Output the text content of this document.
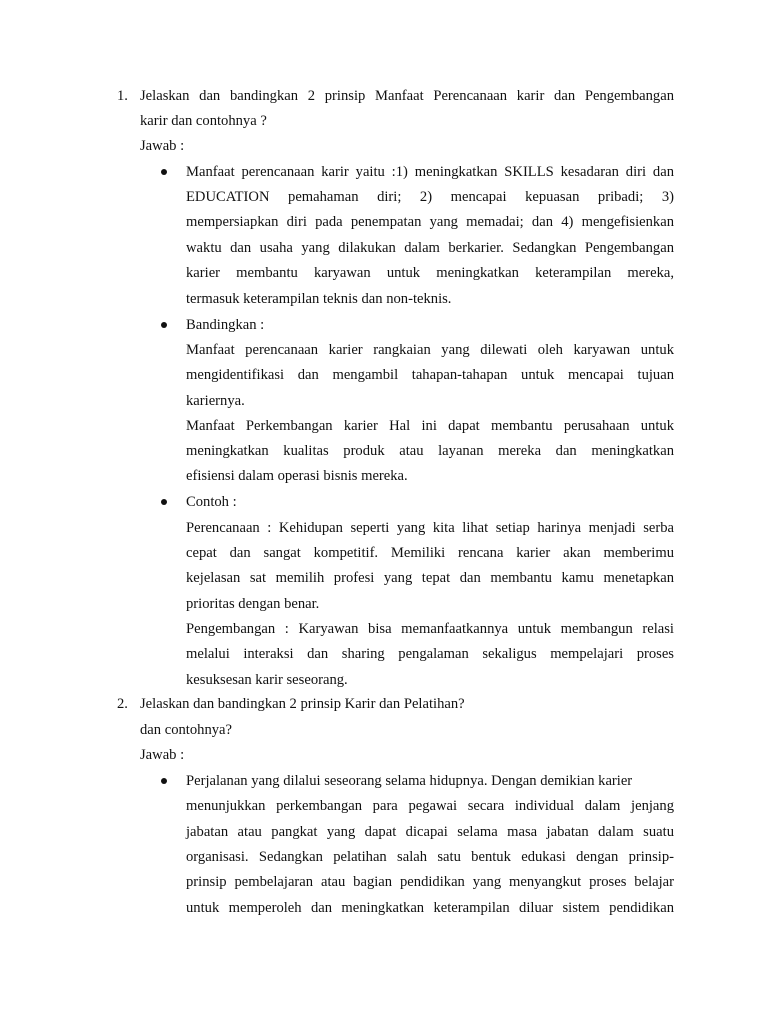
1. Jelaskan dan bandingkan 2 prinsip Manfaat Perencanaan karir dan Pengembangan
karir dan contohnya ?
Jawab :
Manfaat perencanaan karir yaitu :1) meningkatkan SKILLS kesadaran diri dan
EDUCATION pemahaman diri; 2) mencapai kepuasan pribadi; 3)
mempersiapkan diri pada penempatan yang memadai; dan 4) mengefisienkan
waktu dan usaha yang dilakukan dalam berkarier. Sedangkan Pengembangan
karier membantu karyawan untuk meningkatkan keterampilan mereka,
termasuk keterampilan teknis dan non-teknis.
Bandingkan :
Manfaat perencanaan karier rangkaian yang dilewati oleh karyawan untuk
mengidentifikasi dan mengambil tahapan-tahapan untuk mencapai tujuan
kariernya.
Manfaat Perkembangan karier Hal ini dapat membantu perusahaan untuk
meningkatkan kualitas produk atau layanan mereka dan meningkatkan
efisiensi dalam operasi bisnis mereka.
Contoh :
Perencanaan : Kehidupan seperti yang kita lihat setiap harinya menjadi serba
cepat dan sangat kompetitif. Memiliki rencana karier akan memberimu
kejelasan sat memilih profesi yang tepat dan membantu kamu menetapkan
prioritas dengan benar.
Pengembangan : Karyawan bisa memanfaatkannya untuk membangun relasi
melalui interaksi dan sharing pengalaman sekaligus mempelajari proses
kesuksesan karir seseorang.
2. Jelaskan dan bandingkan 2 prinsip Karir dan Pelatihan?
dan contohnya?
Jawab :
Perjalanan yang dilalui seseorang selama hidupnya. Dengan demikian karier
menunjukkan perkembangan para pegawai secara individual dalam jenjang
jabatan atau pangkat yang dapat dicapai selama masa jabatan dalam suatu
organisasi. Sedangkan pelatihan salah satu bentuk edukasi dengan prinsip-
prinsip pembelajaran atau bagian pendidikan yang menyangkut proses belajar
untuk memperoleh dan meningkatkan keterampilan diluar sistem pendidikan
